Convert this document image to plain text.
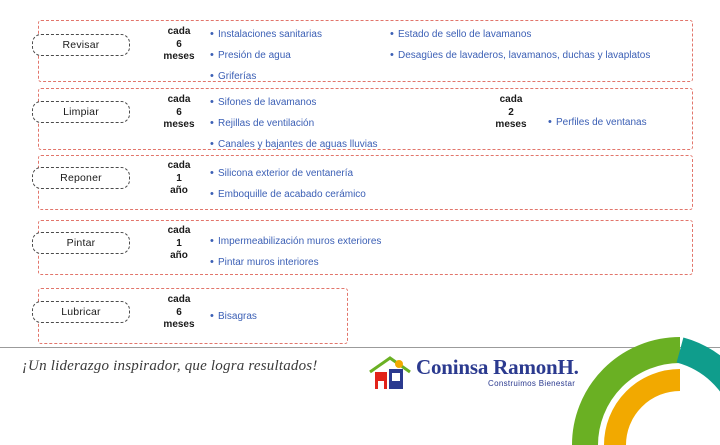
Revisar
cada
6
meses
• Instalaciones sanitarias
• Presión de agua
• Griferías
• Estado de sello de lavamanos
• Desagües de lavaderos, lavamanos, duchas y lavaplatos
Limpiar
cada
6
meses
• Sifones de lavamanos
• Rejillas de ventilación
• Canales y bajantes de aguas lluvias
cada
2
meses	• Perfiles de ventanas
Reponer
cada
1
año
• Silicona exterior de ventanería
• Emboquille de acabado cerámico
Pintar
cada
1
año
• Impermeabilización muros exteriores
• Pintar muros interiores
Lubricar
cada
6
meses
• Bisagras
¡Un liderazgo inspirador, que logra resultados!	Coninsa RamonH.
Construimos Bienestar
